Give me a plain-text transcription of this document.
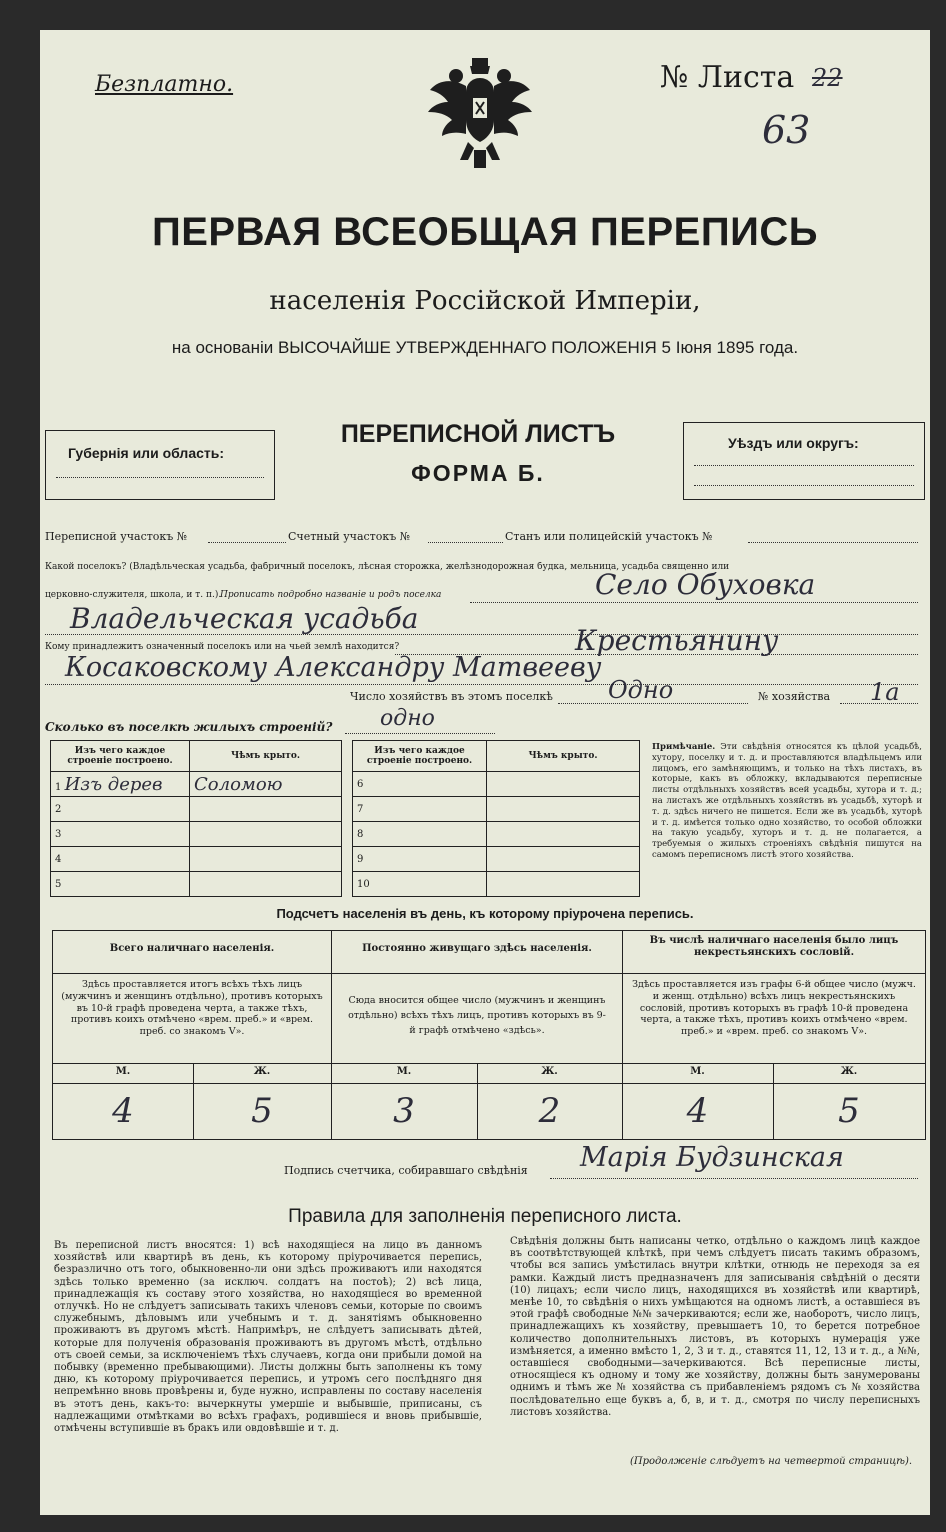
Безплатно.	№ Листа 22
63
ПЕРВАЯ ВСЕОБЩАЯ ПЕРЕПИСЬ
населенія Россійской Имперіи,
на основаніи ВЫСОЧАЙШЕ УТВЕРЖДЕННАГО ПОЛОЖЕНІЯ 5 Іюня 1895 года.
Губернія или область:
ПЕРЕПИСНОЙ ЛИСТЪ
ФОРМА Б.
Уѣздъ или округъ:
Переписной участокъ №	Счетный участокъ №	Станъ или полицейскій участокъ №
Какой поселокъ? (Владѣльческая усадьба, фабричный поселокъ, лѣсная сторожка, желѣзнодорожная будка, мельница, усадьба священно или
церковно-служителя, школа, и т. п.).
Прописать подробно названіе и родъ поселка	Село Обуховка
Владельческая усадьба
Кому принадлежитъ означенный поселокъ или на чьей землѣ находится?	Крестьянину
Косаковскому Александру Матвееву
Число хозяйствъ въ этомъ поселкѣ Одно	№ хозяйства 1а
Сколько въ поселкѣ жилыхъ строеній? одно
Изъ чего каждое строеніе построено.	Чѣмъ крыто.
1 Изъ дерев	Соломою
2	
3	
4	
5	
Изъ чего каждое строеніе построено.	Чѣмъ крыто.
6	
7	
8	
9	
10	
Примѣчаніе. Эти свѣдѣнія относятся къ цѣлой усадьбѣ, хутору, поселку и т. д. и проставляются владѣльцемъ или лицомъ, его замѣняющимъ, и только на тѣхъ листахъ, въ которые, какъ въ обложку, вкладываются переписные листы отдѣльныхъ хозяйствъ всей усадьбы, хутора и т. д.; на листахъ же отдѣльныхъ хозяйствъ въ усадьбѣ, хуторѣ и т. д. здѣсь ничего не пишется. Если же въ усадьбѣ, хуторѣ и т. д. имѣется только одно хозяйство, то особой обложки на такую усадьбу, хуторъ и т. д. не полагается, а требуемыя о жилыхъ строеніяхъ свѣдѣнія пишутся на самомъ переписномъ листѣ этого хозяйства.
Подсчетъ населенія въ день, къ которому пріурочена перепись.
Всего наличнаго населенія.	Постоянно живущаго здѣсь населенія.
Въ числѣ наличнаго населенія было лицъ некрестьянскихъ сословій.
Здѣсь проставляется итогъ всѣхъ тѣхъ лицъ (мужчинъ и женщинъ отдѣльно), противъ которыхъ въ 10-й графѣ проведена черта, а также тѣхъ, противъ коихъ отмѣчено «врем. преб.» и «врем. преб. со знакомъ V».
Сюда вносится общее число (мужчинъ и женщинъ отдѣльно) всѣхъ тѣхъ лицъ, противъ которыхъ въ 9-й графѣ отмѣчено «здѣсь».
Здѣсь проставляется изъ графы 6-й общее число (мужч. и женщ. отдѣльно) всѣхъ лицъ некрестьянскихъ сословій, противъ которыхъ въ графѣ 10-й проведена черта, а также тѣхъ, противъ коихъ отмѣчено «врем. преб.» и «врем. преб. со знакомъ V».
М.	Ж.	М.	Ж.	М.	Ж.
4	5	3	2	4	5
Подпись счетчика, собиравшаго свѣдѣнія Марія Будзинская
Правила для заполненія переписного листа.
Въ переписной листъ вносятся: 1) всѣ находящіеся на лицо въ данномъ хозяйствѣ или квартирѣ въ день, къ которому пріурочивается перепись, безразлично отъ того, обыкновенно-ли они здѣсь проживаютъ или находятся здѣсь только временно (за исключ. солдатъ на постоѣ); 2) всѣ лица, принадлежащія къ составу этого хозяйства, но находящіеся во временной отлучкѣ. Но не слѣдуетъ записывать такихъ членовъ семьи, которые по своимъ служебнымъ, дѣловымъ или учебнымъ и т. д. занятіямъ обыкновенно проживаютъ въ другомъ мѣстѣ. Напримѣръ, не слѣдуетъ записывать дѣтей, которые для полученія образованія проживаютъ въ другомъ мѣстѣ, отдѣльно отъ своей семьи, за исключеніемъ тѣхъ случаевъ, когда они прибыли домой на побывку (временно пребывающими). Листы должны быть заполнены къ тому дню, къ которому пріурочивается перепись, и утромъ сего послѣдняго дня непремѣнно вновь провѣрены и, буде нужно, исправлены по составу населенія въ этотъ день, какъ-то: вычеркнуты умершіе и выбывшіе, приписаны, съ надлежащими отмѣтками во всѣхъ графахъ, родившіеся и вновь прибывшіе, отмѣчены вступившіе въ бракъ или овдовѣвшіе и т. д.
Свѣдѣнія должны быть написаны четко, отдѣльно о каждомъ лицѣ каждое въ соотвѣтствующей клѣткѣ, при чемъ слѣдуетъ писать такимъ образомъ, чтобы вся запись умѣстилась внутри клѣтки, отнюдь не переходя за ея рамки. Каждый листъ предназначенъ для записыванія свѣдѣній о десяти (10) лицахъ; если число лицъ, находящихся въ хозяйствѣ или квартирѣ, менѣе 10, то свѣдѣнія о нихъ умѣщаются на одномъ листѣ, а оставшіеся въ этой графѣ свободные №№ зачеркиваются; если же, наоборотъ, число лицъ, принадлежащихъ къ хозяйству, превышаетъ 10, то берется потребное количество дополнительныхъ листовъ, въ которыхъ нумерація уже измѣняется, а именно вмѣсто 1, 2, 3 и т. д., ставятся 11, 12, 13 и т. д., а №№, оставшіеся свободными—зачеркиваются. Всѣ переписные листы, относящіеся къ одному и тому же хозяйству, должны быть занумерованы однимъ и тѣмъ же № хозяйства съ прибавленіемъ рядомъ съ № хозяйства послѣдовательно еще буквъ а, б, в, и т. д., смотря по числу переписныхъ листовъ хозяйства.
(Продолженіе слѣдуетъ на четвертой страницѣ).
